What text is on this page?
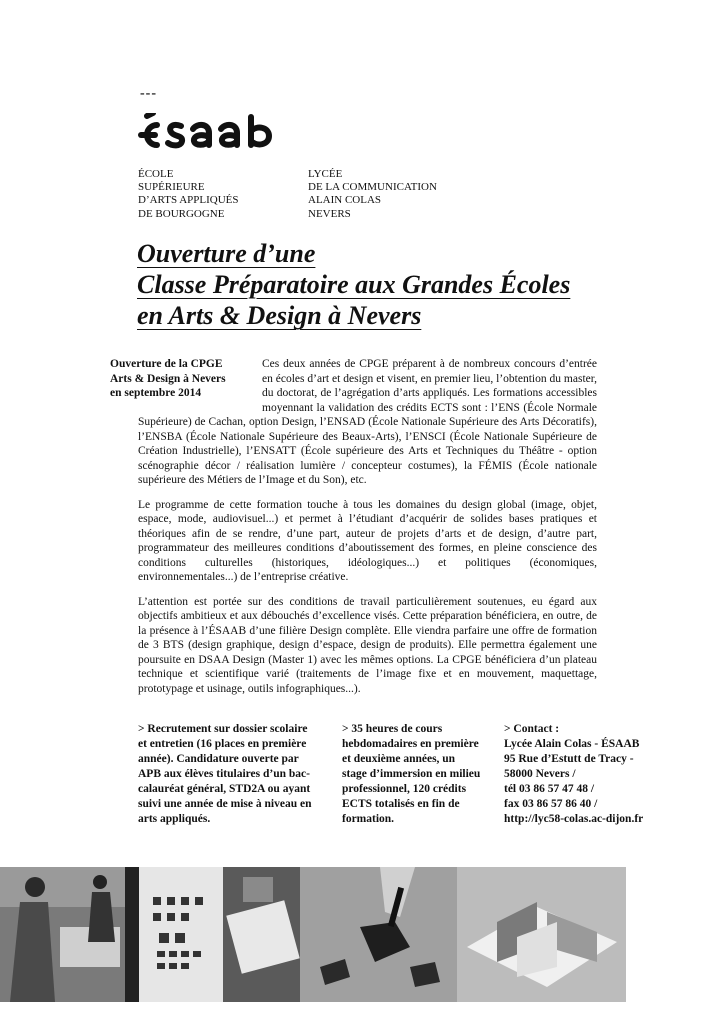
---
ÉCOLE
SUPÉRIEURE
D’ARTS APPLIQUÉS
DE BOURGOGNE
LYCÉE
DE LA COMMUNICATION
ALAIN COLAS
NEVERS
Ouverture d’une
Classe Préparatoire aux Grandes Écoles
en Arts & Design à Nevers
Ouverture de la CPGE
Arts & Design à Nevers
en septembre 2014

Ces deux années de CPGE préparent à de nombreux concours d’entrée en écoles d’art et design et visent, en premier lieu, l’obtention du master, du doctorat, de l’agrégation d’arts appliqués. Les formations accessibles moyennant la validation des crédits ECTS sont : l’ENS (École Normale Supérieure) de Cachan, option Design, l’ENSAD (École Nationale Supérieure des Arts Décoratifs), l’ENSBA (École Nationale Supérieure des Beaux-Arts), l’ENSCI (École Nationale Supérieure de Création Industrielle), l’ENSATT (École supérieure des Arts et Techniques du Théâtre - option scénographie décor / réalisation lumière / concepteur costumes), la FÉMIS (École nationale supérieure des Métiers de l’Image et du Son), etc.

Le programme de cette formation touche à tous les domaines du design global (image, objet, espace, mode, audiovisuel...) et permet à l’étudiant d’acquérir de solides bases pratiques et théoriques afin de se rendre, d’une part, auteur de projets d’arts et de design, d’autre part, programmateur des meilleures conditions d’aboutissement des formes, en pleine conscience des conditions culturelles (historiques, idéologiques...) et politiques (économiques, environnementales...) de l’entreprise créative.

L’attention est portée sur des conditions de travail particulièrement soutenues, eu égard aux objectifs ambitieux et aux débouchés d’excellence visés. Cette préparation bénéficiera, en outre, de la présence à l’ÉSAAB d’une filière Design complète. Elle viendra parfaire une offre de formation de 3 BTS (design graphique, design d’espace, design de produits). Elle permettra également une poursuite en DSAA Design (Master 1) avec les mêmes options. La CPGE bénéficiera d’un plateau technique et scientifique varié (traitements de l’image fixe et en mouvement, maquettage, prototypage et usinage, outils infographiques...).

> Recrutement sur dossier scolaire
et entretien (16 places en première
année). Candidature ouverte par
APB aux élèves titulaires d’un bac-
calauréat général, STD2A ou ayant
suivi une année de mise à niveau en
arts appliqués.
> 35 heures de cours
hebdomadaires en première
et deuxième années, un
stage d’immersion en milieu
professionnel, 120 crédits
ECTS totalisés en fin de
formation.
> Contact :
Lycée Alain Colas - ÉSAAB
95 Rue d’Estutt de Tracy -
58000 Nevers /
tél 03 86 57 47 48 /
fax 03 86 57 86 40 /
http://lyc58-colas.ac-dijon.fr
